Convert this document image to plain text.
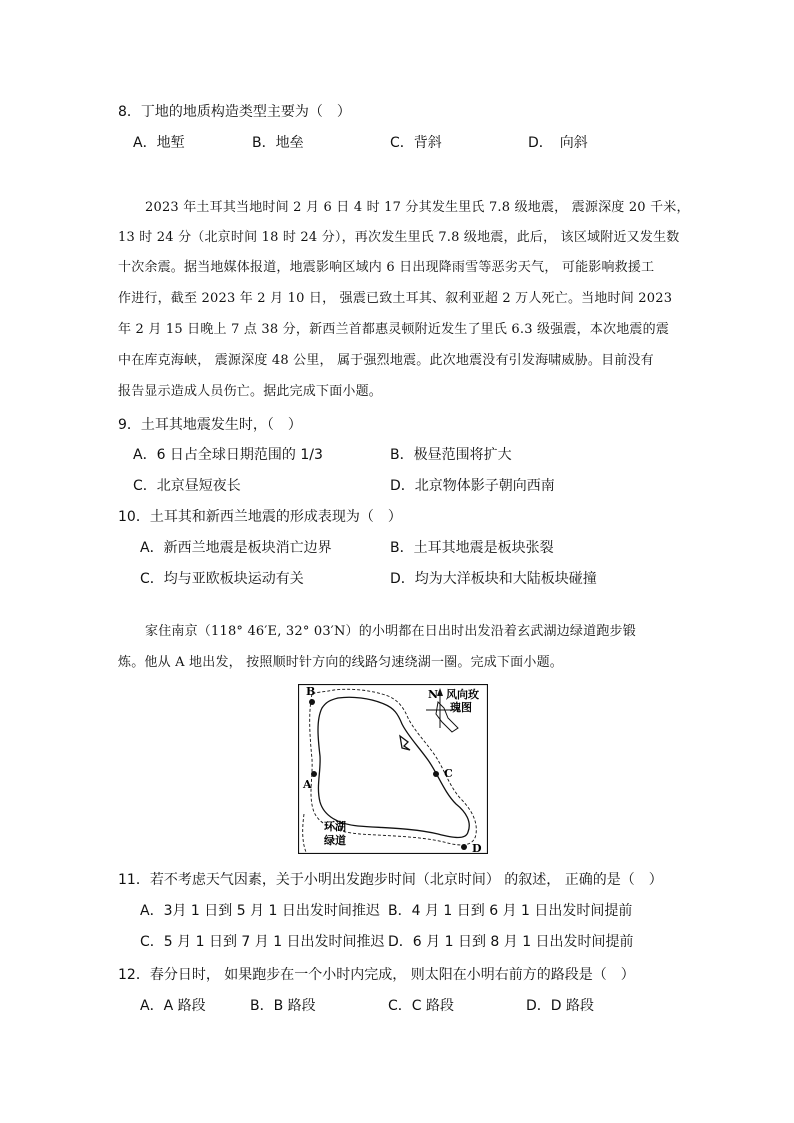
8．丁地的地质构造类型主要为（　）
A．地堑	B．地垒	C．背斜	D．　向斜
2023 年土耳其当地时间 2 月 6 日 4 时 17 分其发生里氏 7.8 级地震， 震源深度 20 千米，
13 时 24 分（北京时间 18 时 24 分），再次发生里氏 7.8 级地震，此后， 该区域附近又发生数
十次余震。据当地媒体报道，地震影响区域内 6 日出现降雨雪等恶劣天气， 可能影响救援工
作进行，截至 2023 年 2 月 10 日， 强震已致土耳其、叙利亚超 2 万人死亡。当地时间 2023
年 2 月 15 日晚上 7 点 38 分，新西兰首都惠灵顿附近发生了里氏 6.3 级强震，本次地震的震
中在库克海峡， 震源深度 48 公里， 属于强烈地震。此次地震没有引发海啸威胁。目前没有
报告显示造成人员伤亡。据此完成下面小题。
9．土耳其地震发生时，（　）
A．6 日占全球日期范围的 1/3	B．极昼范围将扩大
C．北京昼短夜长	D．北京物体影子朝向西南
10．土耳其和新西兰地震的形成表现为（　）
A．新西兰地震是板块消亡边界	B．土耳其地震是板块张裂
C．均与亚欧板块运动有关	D．均为大洋板块和大陆板块碰撞
家住南京（118° 46′E, 32° 03′N）的小明都在日出时出发沿着玄武湖边绿道跑步锻
炼。他从 A 地出发， 按照顺时针方向的线路匀速绕湖一圈。完成下面小题。
B
A
C
D
N 风向玫
瑰图
环湖
绿道
11．若不考虑天气因素，关于小明出发跑步时间（北京时间） 的叙述， 正确的是（　）
A．3月 1 日到 5 月 1 日出发时间推迟 B．4 月 1 日到 6 月 1 日出发时间提前
C．5 月 1 日到 7 月 1 日出发时间推迟 D．6 月 1 日到 8 月 1 日出发时间提前
12．春分日时， 如果跑步在一个小时内完成， 则太阳在小明右前方的路段是（　）
A．A 路段	B．B 路段	C．C 路段	D．D 路段
